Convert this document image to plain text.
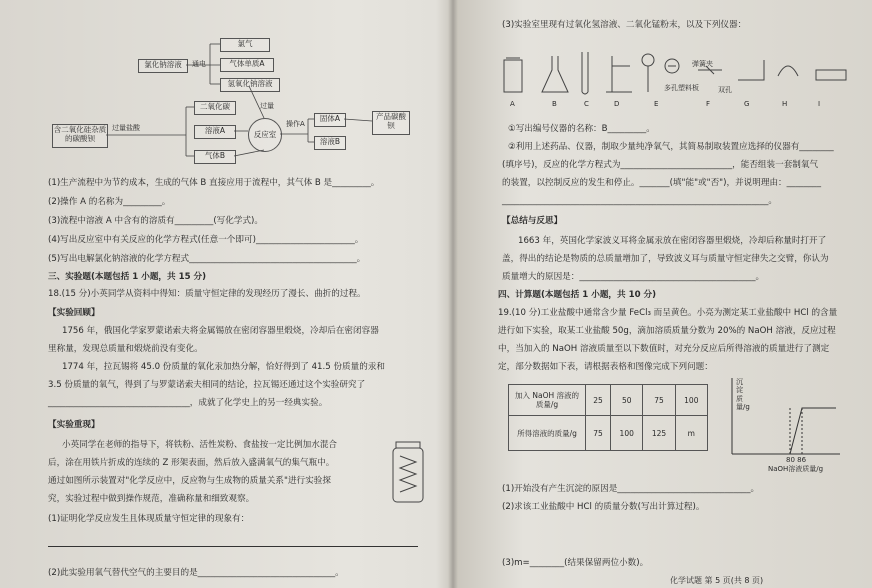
氯气
气体单质A
氢氧化钠溶液
氯化钠溶液	通电
二氧化碳
溶液A
气体B
含二氧化硅杂质的碳酸钡
过量盐酸
过量
反应室
操作A
固体A
溶液B
产品碳酸钡
(1)生产流程中为节约成本，生成的气体 B 直接应用于流程中，其气体 B 是_________。
(2)操作 A 的名称为_________。
(3)流程中溶液 A 中含有的溶质有_________(写化学式)。
(4)写出反应室中有关反应的化学方程式(任意一个即可)_______________________。
(5)写出电解氯化钠溶液的化学方程式_______________________________________。
三、实验题(本题包括 1 小题，共 15 分)
18.(15 分)小英同学从资料中得知：质量守恒定律的发现经历了漫长、曲折的过程。
【实验回顾】
1756 年，俄国化学家罗蒙诺索夫将金属锡放在密闭容器里煅烧，冷却后在密闭容器
里称量，发现总质量和煅烧前没有变化。
1774 年，拉瓦锡将 45.0 份质量的氧化汞加热分解，恰好得到了 41.5 份质量的汞和
3.5 份质量的氧气，得到了与罗蒙诺索夫相同的结论，拉瓦锡还通过这个实验研究了
_________________________________，成就了化学史上的另一经典实验。
【实验重现】
小英同学在老师的指导下，将铁粉、活性炭粉、食盐按一定比例加水混合
后，涂在用铁片折成的连续的 Z 形架表面，然后放入盛满氧气的集气瓶中。
通过如图所示装置对"化学反应中，反应物与生成物的质量关系"进行实验探
究，实验过程中做到操作规范，准确称量和细致观察。
(1)证明化学反应发生且体现质量守恒定律的现象有：
(2)此实验用氧气替代空气的主要目的是________________________________。
(3)实验室里现有过氧化氢溶液、二氧化锰粉末，以及下列仪器：
A	B	C	D	E	F	G	H	I
多孔塑料板
弹簧夹
双孔
①写出编号仪器的名称：B_________。
②利用上述药品、仪器，制取少量纯净氧气，其简易制取装置应选择的仪器有________
(填序号)，反应的化学方程式为__________________________，能否组装一套制氧气
的装置，以控制反应的发生和停止。_______(填"能"或"否")，并说明理由：________
______________________________________________________________。
【总结与反思】
1663 年，英国化学家波义耳将金属汞放在密闭容器里煅烧，冷却后称量时打开了
盖，得出的结论是物质的总质量增加了，导致波义耳与质量守恒定律失之交臂，你认为
质量增大的原因是：_________________________________________。
四、计算题(本题包括 1 小题，共 10 分)
19.(10 分)工业盐酸中通常含少量 FeCl₃ 而呈黄色。小亮为测定某工业盐酸中 HCl 的含量
进行如下实验，取某工业盐酸 50g，滴加溶质质量分数为 20%的 NaOH 溶液，反应过程
中，当加入的 NaOH 溶液质量至以下数值时，对充分反应后所得溶液的质量进行了测定
定，部分数据如下表，请根据表格和图像完成下列问题：
加入 NaOH 溶液的质量/g	25	50	75	100
所得溶液的质量/g	75	100	125	m
沉淀质量/g
80 86
NaOH溶液质量/g
(1)开始没有产生沉淀的原因是_______________________________。
(2)求该工业盐酸中 HCl 的质量分数(写出计算过程)。
(3)m=________(结果保留两位小数)。
化学试题 第 5 页(共 8 页)
